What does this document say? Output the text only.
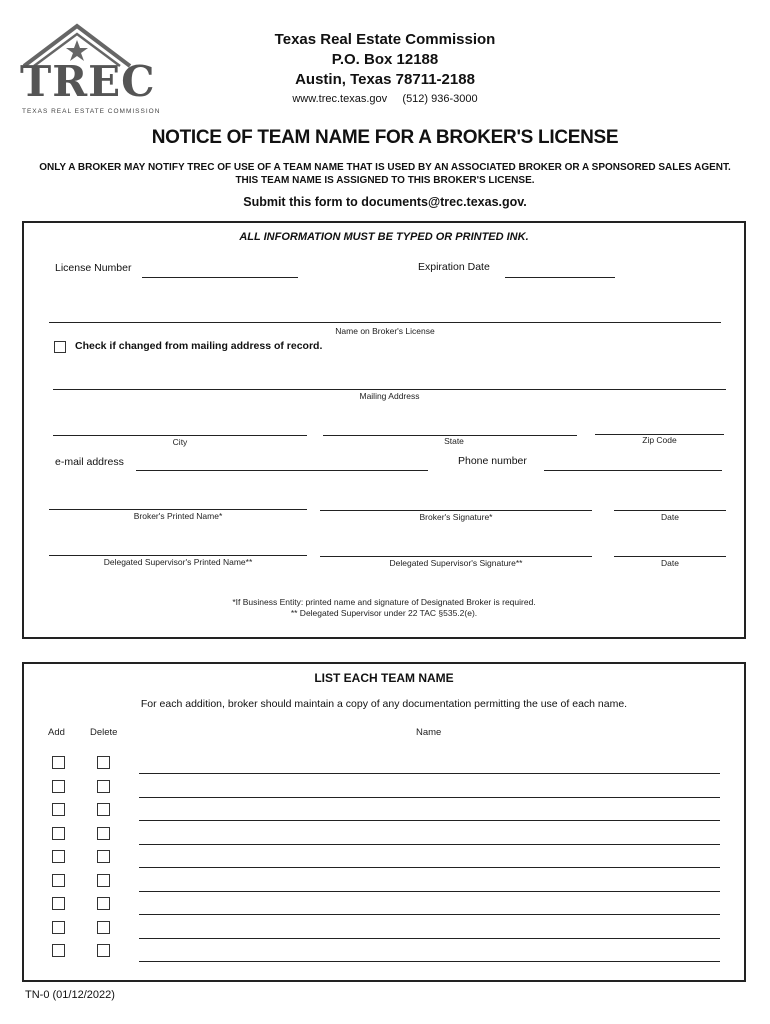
TREC
TEXAS REAL ESTATE COMMISSION
Texas Real Estate Commission
P.O. Box 12188
Austin, Texas 78711-2188
www.trec.texas.gov (512) 936-3000
NOTICE OF TEAM NAME FOR A BROKER'S LICENSE
ONLY A BROKER MAY NOTIFY TREC OF USE OF A TEAM NAME THAT IS USED BY AN ASSOCIATED BROKER OR A SPONSORED SALES AGENT.
THIS TEAM NAME IS ASSIGNED TO THIS BROKER'S LICENSE.
Submit this form to documents@trec.texas.gov.
ALL INFORMATION MUST BE TYPED OR PRINTED INK.
License Number	Expiration Date
Name on Broker's License
Check if changed from mailing address of record.
Mailing Address
City	State	Zip Code
e-mail address	Phone number
Broker's Printed Name*	Broker's Signature*	Date
Delegated Supervisor's Printed Name**	Delegated Supervisor's Signature**	Date
*If Business Entity: printed name and signature of Designated Broker is required.
** Delegated Supervisor under 22 TAC §535.2(e).
LIST EACH TEAM NAME
For each addition, broker should maintain a copy of any documentation permitting the use of each name.
Add	Delete	Name
TN-0 (01/12/2022)
